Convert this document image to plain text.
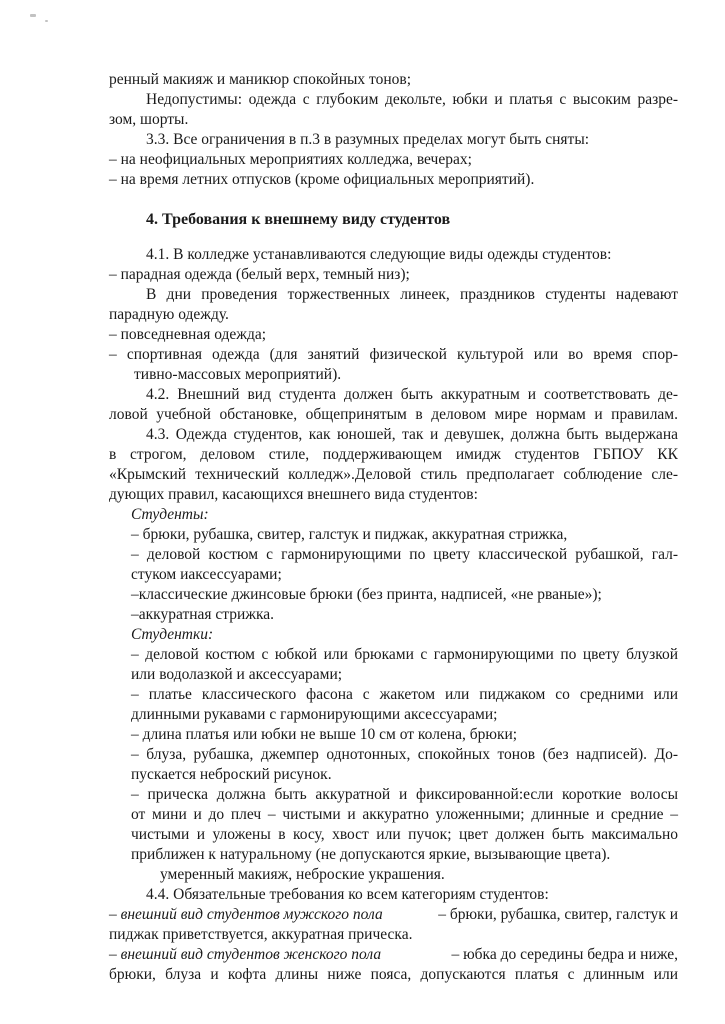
ренный макияж и маникюр спокойных тонов;
Недопустимы: одежда с глубоким декольте, юбки и платья с высоким разре-
зом, шорты.
3.3. Все ограничения в п.3 в разумных пределах могут быть сняты:
– на неофициальных мероприятиях колледжа, вечерах;
– на время летних отпусков (кроме официальных мероприятий).
4. Требования к внешнему виду студентов
4.1. В колледже устанавливаются следующие виды одежды студентов:
– парадная одежда (белый верх, темный низ);
В дни проведения торжественных линеек, праздников студенты надевают
парадную одежду.
– повседневная одежда;
– спортивная одежда (для занятий физической культурой или во время спор-
тивно-массовых мероприятий).
4.2. Внешний вид студента должен быть аккуратным и соответствовать де-
ловой учебной обстановке, общепринятым в деловом мире нормам и правилам.
4.3. Одежда студентов, как юношей, так и девушек, должна быть выдержана
в строгом, деловом стиле, поддерживающем имидж студентов ГБПОУ КК
«Крымский технический колледж».Деловой стиль предполагает соблюдение сле-
дующих правил, касающихся внешнего вида студентов:
Студенты:
– брюки, рубашка, свитер, галстук и пиджак, аккуратная стрижка,
– деловой костюм с гармонирующими по цвету классической рубашкой, гал-
стуком иаксессуарами;
–классические джинсовые брюки (без принта, надписей, «не рваные»);
–аккуратная стрижка.
Студентки:
– деловой костюм с юбкой или брюками с гармонирующими по цвету блузкой
или водолазкой и аксессуарами;
– платье классического фасона с жакетом или пиджаком со средними или
длинными рукавами с гармонирующими аксессуарами;
– длина платья или юбки не выше 10 см от колена, брюки;
– блуза, рубашка, джемпер однотонных, спокойных тонов (без надписей). До-
пускается неброский рисунок.
– прическа должна быть аккуратной и фиксированной:если короткие волосы
от мини и до плеч – чистыми и аккуратно уложенными; длинные и средние –
чистыми и уложены в косу, хвост или пучок; цвет должен быть максимально
приближен к натуральному (не допускаются яркие, вызывающие цвета).
умеренный макияж, неброские украшения.
4.4. Обязательные требования ко всем категориям студентов:
– внешний вид студентов мужского пола	– брюки, рубашка, свитер, галстук и
пиджак приветствуется, аккуратная прическа.
– внешний вид студентов женского пола	– юбка до середины бедра и ниже,
брюки, блуза и кофта длины ниже пояса, допускаются платья с длинным или
